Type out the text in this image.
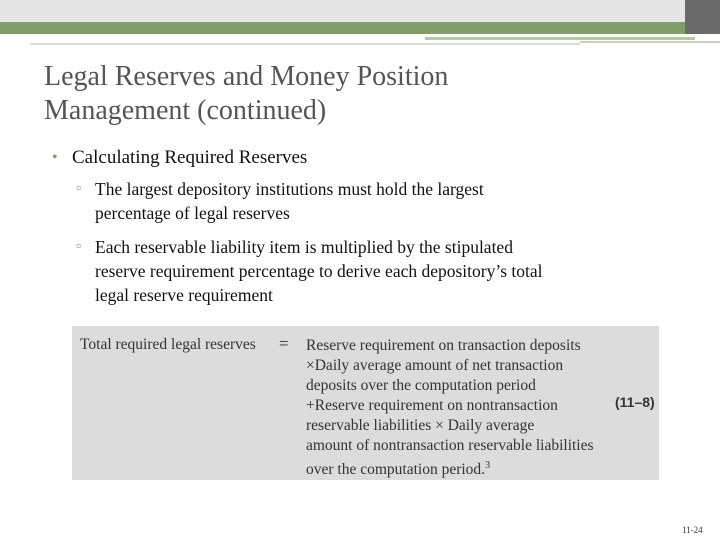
Legal Reserves and Money Position
Management (continued)
• Calculating Required Reserves
▫ The largest depository institutions must hold the largest
percentage of legal reserves
▫ Each reservable liability item is multiplied by the stipulated
reserve requirement percentage to derive each depository’s total
legal reserve requirement
Total required legal reserves = Reserve requirement on transaction deposits
×Daily average amount of net transaction
deposits over the computation period
+Reserve requirement on nontransaction
reservable liabilities × Daily average
amount of nontransaction reservable liabilities
over the computation period.$^3$
(11–8)
11-24
